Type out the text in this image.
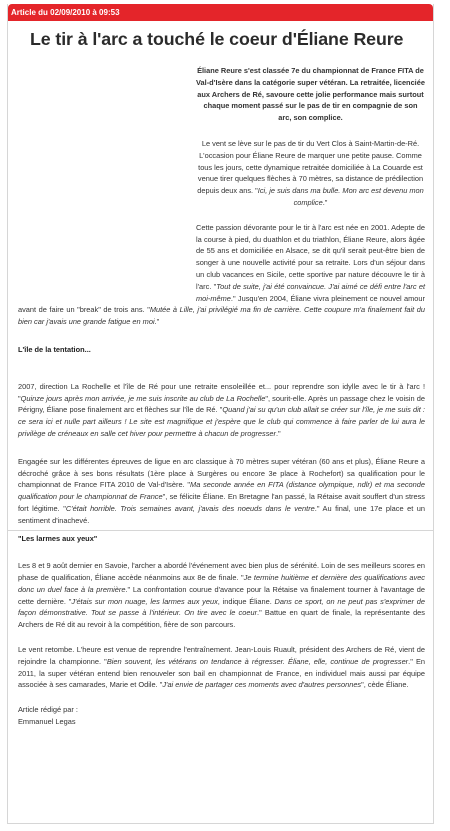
Article du 02/09/2010 à 09:53
Le tir à l'arc a touché le coeur d'Éliane Reure

Éliane Reure s'est classée 7e du championnat de France FITA de Val-d'Isère dans la catégorie super vétéran. La retraitée, licenciée aux Archers de Ré, savoure cette jolie performance mais surtout chaque moment passé sur le pas de tir en compagnie de son arc, son complice.

Le vent se lève sur le pas de tir du Vert Clos à Saint-Martin-de-Ré. L'occasion pour Éliane Reure de marquer une petite pause. Comme tous les jours, cette dynamique retraitée domiciliée à La Couarde est venue tirer quelques flèches à 70 mètres, sa distance de prédilection depuis deux ans. "Ici, je suis dans ma bulle. Mon arc est devenu mon complice."

Cette passion dévorante pour le tir à l'arc est née en 2001. Adepte de la course à pied, du duathlon et du triathlon, Éliane Reure, alors âgée de 55 ans et domiciliée en Alsace, se dit qu'il serait peut-être bien de songer à une nouvelle activité pour sa retraite. Lors d'un séjour dans un club vacances en Sicile, cette sportive par nature découvre le tir à l'arc. "Tout de suite, j'ai été convaincue. J'ai aimé ce défi entre l'arc et moi-même." Jusqu'en 2004, Éliane vivra pleinement ce nouvel amour avant de faire un "break" de trois ans. "Mutée à Lille, j'ai privilégié ma fin de carrière. Cette coupure m'a finalement fait du bien car j'avais une grande fatigue en moi."

L'île de la tentation...

2007, direction La Rochelle et l'île de Ré pour une retraite ensoleillée et... pour reprendre son idylle avec le tir à l'arc ! "Quinze jours après mon arrivée, je me suis inscrite au club de La Rochelle", sourit-elle. Après un passage chez le voisin de Périgny, Éliane pose finalement arc et flèches sur l'île de Ré. "Quand j'ai su qu'un club allait se créer sur l'île, je me suis dit : ce sera ici et nulle part ailleurs ! Le site est magnifique et j'espère que le club qui commence à faire parler de lui aura le privilège de créneaux en salle cet hiver pour permettre à chacun de progresser."

Engagée sur les différentes épreuves de ligue en arc classique à 70 mètres super vétéran (60 ans et plus), Éliane Reure a décroché grâce à ses bons résultats (1ère place à Surgères ou encore 3e place à Rochefort) sa qualification pour le championnat de France FITA 2010 de Val-d'Isère. "Ma seconde année en FITA (distance olympique, ndlr) et ma seconde qualification pour le championnat de France", se félicite Éliane. En Bretagne l'an passé, la Rétaise avait souffert d'un stress fort légitime. "C'était horrible. Trois semaines avant, j'avais des noeuds dans le ventre." Au final, une 17e place et un sentiment d'inachevé.

"Les larmes aux yeux"

Les 8 et 9 août dernier en Savoie, l'archer a abordé l'événement avec bien plus de sérénité. Loin de ses meilleurs scores en phase de qualification, Éliane accède néanmoins aux 8e de finale. "Je termine huitième et dernière des qualifications avec donc un duel face à la première." La confrontation courue d'avance pour la Rétaise va finalement tourner à l'avantage de cette dernière. "J'étais sur mon nuage, les larmes aux yeux, indique Éliane. Dans ce sport, on ne peut pas s'exprimer de façon démonstrative. Tout se passe à l'intérieur. On tire avec le coeur." Battue en quart de finale, la représentante des Archers de Ré dit au revoir à la compétition, fière de son parcours.

Le vent retombe. L'heure est venue de reprendre l'entraînement. Jean-Louis Ruault, président des Archers de Ré, vient de rejoindre la championne. "Bien souvent, les vétérans on tendance à régresser. Éliane, elle, continue de progresser." En 2011, la super vétéran entend bien renouveler son bail en championnat de France, en individuel mais aussi par équipe associée à ses camarades, Marie et Odile. "J'ai envie de partager ces moments avec d'autres personnes", cède Éliane.

Article rédigé par :

Emmanuel Legas
